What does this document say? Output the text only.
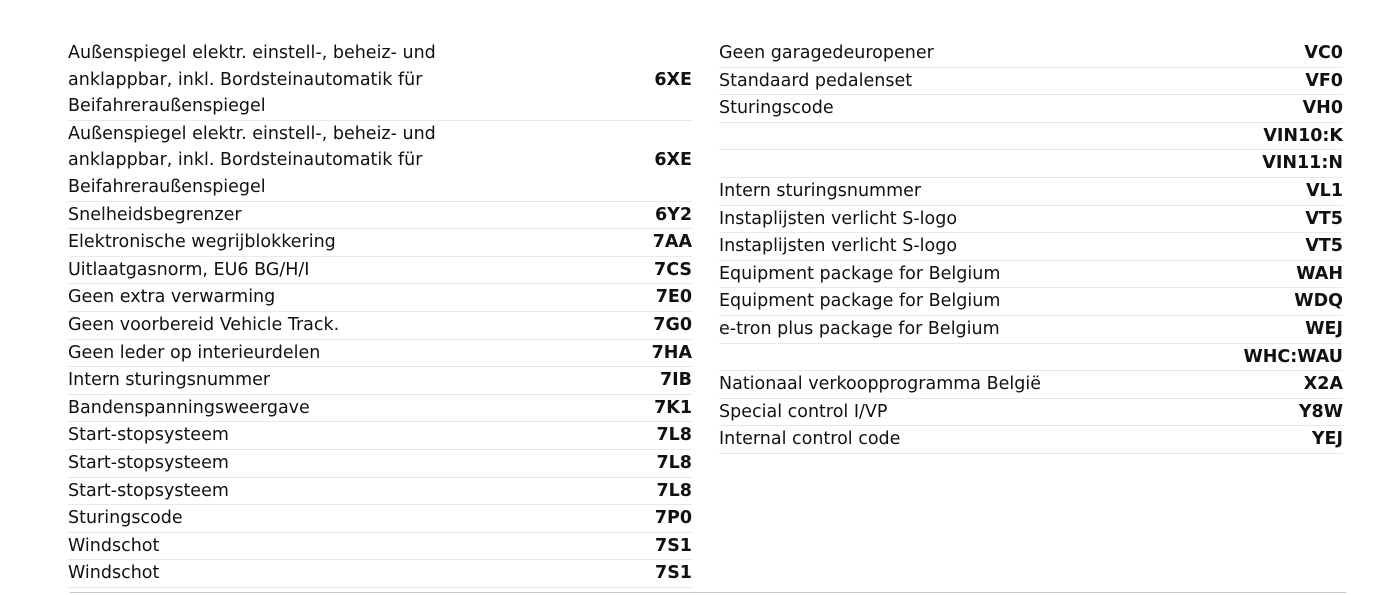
Außenspiegel elektr. einstell-, beheiz- und anklappbar, inkl. Bordsteinautomatik für Beifahreraußenspiegel	6XE
Außenspiegel elektr. einstell-, beheiz- und anklappbar, inkl. Bordsteinautomatik für Beifahreraußenspiegel	6XE
Snelheidsbegrenzer	6Y2
Elektronische wegrijblokkering	7AA
Uitlaatgasnorm, EU6 BG/H/I	7CS
Geen extra verwarming	7E0
Geen voorbereid Vehicle Track.	7G0
Geen leder op interieurdelen	7HA
Intern sturingsnummer	7IB
Bandenspanningsweergave	7K1
Start-stopsysteem	7L8
Start-stopsysteem	7L8
Start-stopsysteem	7L8
Sturingscode	7P0
Windschot	7S1
Windschot	7S1
Geen garagedeuropener	VC0
Standaard pedalenset	VF0
Sturingscode	VH0
	VIN10:K
	VIN11:N
Intern sturingsnummer	VL1
Instaplijsten verlicht S-logo	VT5
Instaplijsten verlicht S-logo	VT5
Equipment package for Belgium	WAH
Equipment package for Belgium	WDQ
e-tron plus package for Belgium	WEJ
	WHC:WAU
Nationaal verkoopprogramma België	X2A
Special control I/VP	Y8W
Internal control code	YEJ
